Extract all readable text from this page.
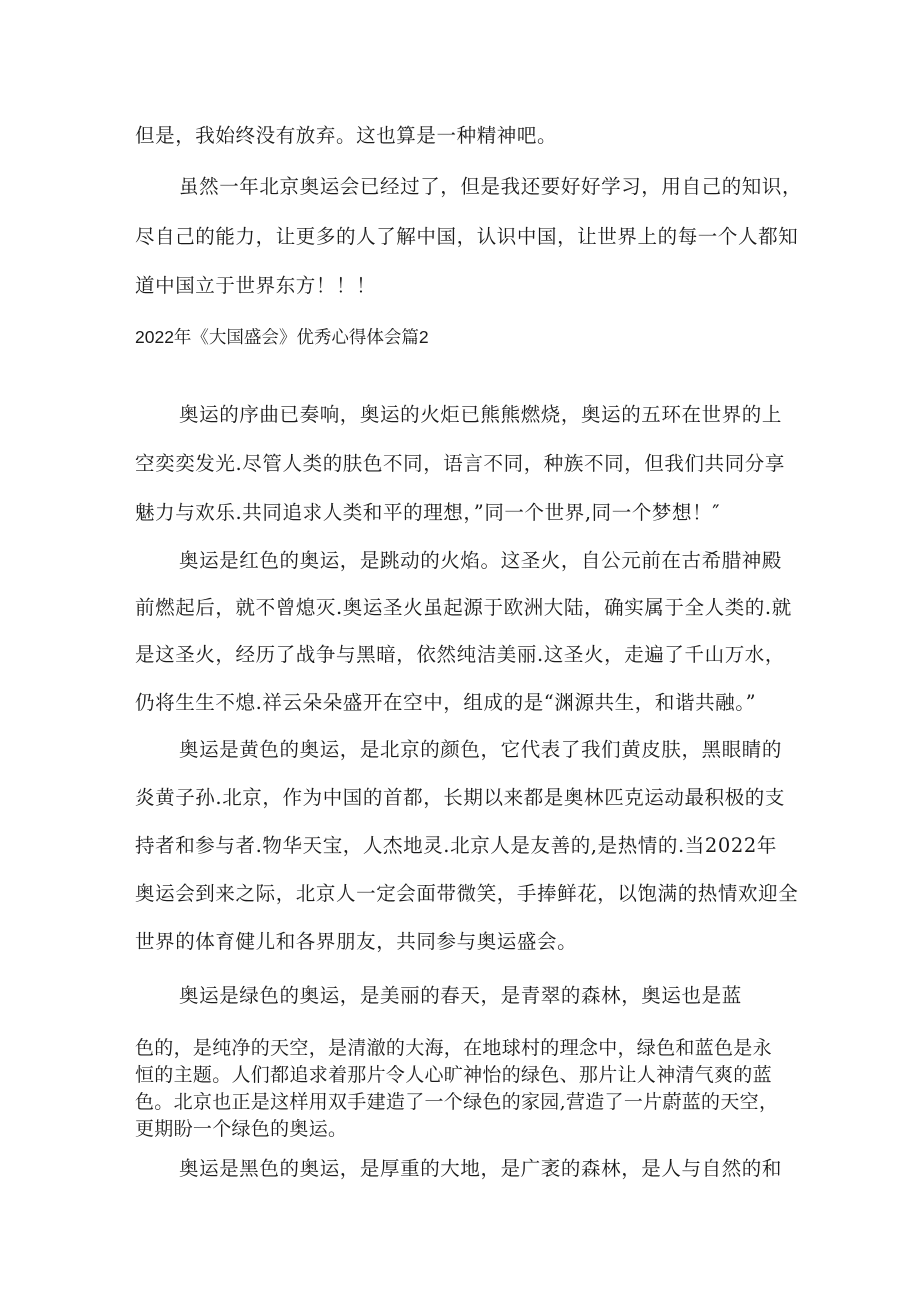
但是，我始终没有放弃。这也算是一种精神吧。
虽然一年北京奥运会已经过了，但是我还要好好学习，用自己的知识，
尽自己的能力，让更多的人了解中国，认识中国，让世界上的每一个人都知
道中国立于世界东方！！！
2022年《大国盛会》优秀心得体会篇2
奥运的序曲已奏响，奥运的火炬已熊熊燃烧，奥运的五环在世界的上
空奕奕发光.尽管人类的肤色不同，语言不同，种族不同，但我们共同分享
魅力与欢乐.共同追求人类和平的理想，”同一个世界,同一个梦想！″
奥运是红色的奥运，是跳动的火焰。这圣火，自公元前在古希腊神殿
前燃起后，就不曾熄灭.奥运圣火虽起源于欧洲大陆，确实属于全人类的.就
是这圣火，经历了战争与黑暗，依然纯洁美丽.这圣火，走遍了千山万水，
仍将生生不熄.祥云朵朵盛开在空中，组成的是“渊源共生，和谐共融。”
奥运是黄色的奥运，是北京的颜色，它代表了我们黄皮肤，黑眼睛的
炎黄子孙.北京，作为中国的首都，长期以来都是奥林匹克运动最积极的支
持者和参与者.物华天宝，人杰地灵.北京人是友善的,是热情的.当2022年
奥运会到来之际，北京人一定会面带微笑，手捧鲜花，以饱满的热情欢迎全
世界的体育健儿和各界朋友，共同参与奥运盛会。
奥运是绿色的奥运，是美丽的春天，是青翠的森林，奥运也是蓝
色的，是纯净的天空，是清澈的大海，在地球村的理念中，绿色和蓝色是永
恒的主题。人们都追求着那片令人心旷神怡的绿色、那片让人神清气爽的蓝
色。北京也正是这样用双手建造了一个绿色的家园,营造了一片蔚蓝的天空，
更期盼一个绿色的奥运。
奥运是黑色的奥运，是厚重的大地，是广袤的森林，是人与自然的和
